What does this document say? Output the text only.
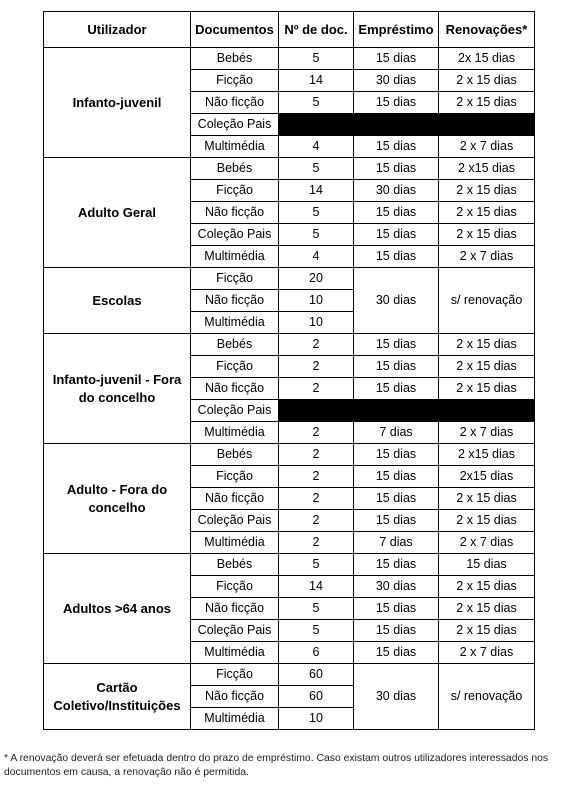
Utilizador	Documentos	Nº de doc.	Empréstimo	Renovações*
Infanto-juvenil	Bebés	5	15 dias	2x 15 dias
	Ficção	14	30 dias	2 x 15 dias
	Não ficção	5	15 dias	2 x 15 dias
	Coleção Pais			
	Multimédia	4	15 dias	2 x 7 dias
Adulto Geral	Bebés	5	15 dias	2 x15 dias
	Ficção	14	30 dias	2 x 15 dias
	Não ficção	5	15 dias	2 x 15 dias
	Coleção Pais	5	15 dias	2 x 15 dias
	Multimédia	4	15 dias	2 x 7 dias
Escolas	Ficção	20	30 dias	s/ renovação
	Não ficção	10		
	Multimédia	10		
Infanto-juvenil - Fora do concelho	Bebés	2	15 dias	2 x 15 dias
	Ficção	2	15 dias	2 x 15 dias
	Não ficção	2	15 dias	2 x 15 dias
	Coleção Pais			
	Multimédia	2	7 dias	2 x 7 dias
Adulto - Fora do concelho	Bebés	2	15 dias	2 x15 dias
	Ficção	2	15 dias	2x15 dias
	Não ficção	2	15 dias	2 x 15 dias
	Coleção Pais	2	15 dias	2 x 15 dias
	Multimédia	2	7 dias	2 x 7 dias
Adultos >64 anos	Bebés	5	15 dias	15 dias
	Ficção	14	30 dias	2 x 15 dias
	Não ficção	5	15 dias	2 x 15 dias
	Coleção Pais	5	15 dias	2 x 15 dias
	Multimédia	6	15 dias	2 x 7 dias
Cartão Coletivo/Instituições	Ficção	60	30 dias	s/ renovação
	Não ficção	60		
	Multimédia	10		
* A renovação deverá ser efetuada dentro do prazo de empréstimo. Caso existam outros utilizadores interessados nos documentos em causa, a renovação não é permitida.
